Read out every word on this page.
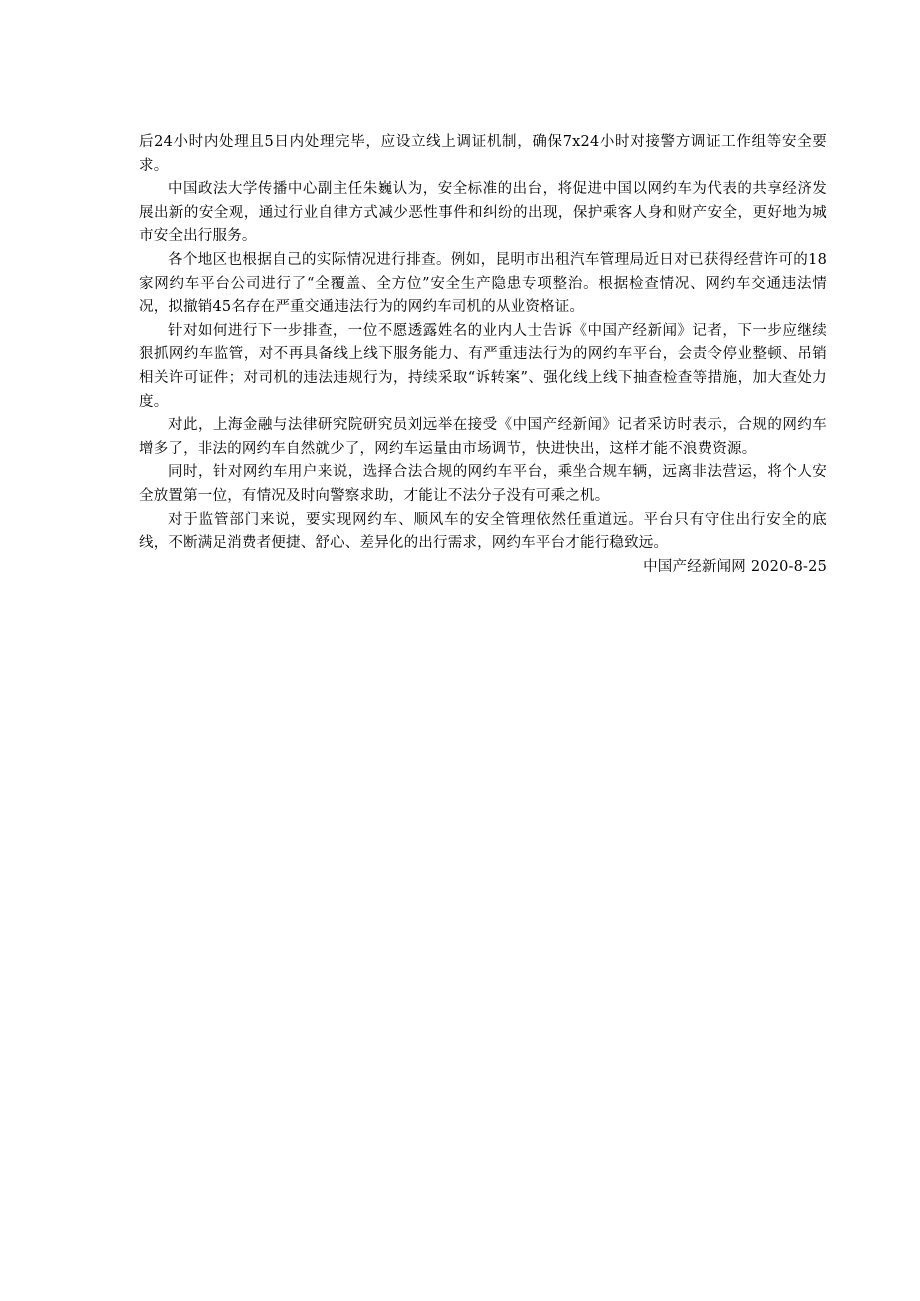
后24小时内处理且5日内处理完毕，应设立线上调证机制，确保7x24小时对接警方调证工作组等安全要求。

中国政法大学传播中心副主任朱巍认为，安全标准的出台，将促进中国以网约车为代表的共享经济发展出新的安全观，通过行业自律方式减少恶性事件和纠纷的出现，保护乘客人身和财产安全，更好地为城市安全出行服务。

各个地区也根据自己的实际情况进行排查。例如，昆明市出租汽车管理局近日对已获得经营许可的18家网约车平台公司进行了“全覆盖、全方位”安全生产隐患专项整治。根据检查情况、网约车交通违法情况，拟撤销45名存在严重交通违法行为的网约车司机的从业资格证。

针对如何进行下一步排查，一位不愿透露姓名的业内人士告诉《中国产经新闻》记者，下一步应继续狠抓网约车监管，对不再具备线上线下服务能力、有严重违法行为的网约车平台，会责令停业整顿、吊销相关许可证件；对司机的违法违规行为，持续采取“诉转案”、强化线上线下抽查检查等措施，加大查处力度。

对此，上海金融与法律研究院研究员刘远举在接受《中国产经新闻》记者采访时表示，合规的网约车增多了，非法的网约车自然就少了，网约车运量由市场调节，快进快出，这样才能不浪费资源。

同时，针对网约车用户来说，选择合法合规的网约车平台，乘坐合规车辆，远离非法营运，将个人安全放置第一位，有情况及时向警察求助，才能让不法分子没有可乘之机。

对于监管部门来说，要实现网约车、顺风车的安全管理依然任重道远。平台只有守住出行安全的底线，不断满足消费者便捷、舒心、差异化的出行需求，网约车平台才能行稳致远。

中国产经新闻网 2020-8-25
